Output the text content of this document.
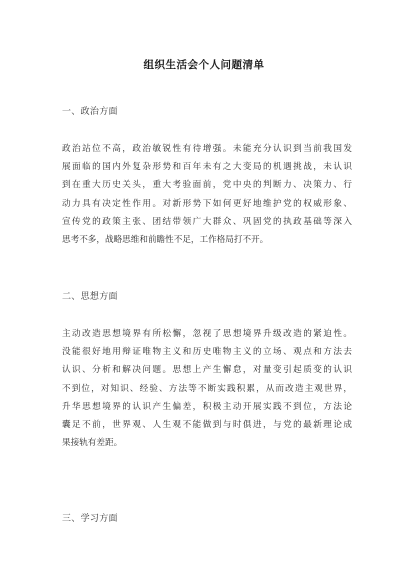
组织生活会个人问题清单
一、政治方面

政治站位不高，政治敏锐性有待增强。未能充分认识到当前我国发
展面临的国内外复杂形势和百年未有之大变局的机遇挑战，未认识
到在重大历史关头，重大考验面前，党中央的判断力、决策力、行
动力具有决定性作用。对新形势下如何更好地维护党的权威形象、
宣传党的政策主张、团结带领广大群众、巩固党的执政基础等深入
思考不多，战略思维和前瞻性不足，工作格局打不开。

二、思想方面

主动改造思想境界有所松懈，忽视了思想境界升级改造的紧迫性。
没能很好地用辩证唯物主义和历史唯物主义的立场、观点和方法去
认识、分析和解决问题。思想上产生懈怠，对量变引起质变的认识
不到位，对知识、经验、方法等不断实践积累，从而改造主观世界，
升华思想境界的认识产生偏差，积极主动开展实践不到位，方法论
囊足不前，世界观、人生观不能做到与时俱进，与党的最新理论成
果接轨有差距。

三、学习方面
